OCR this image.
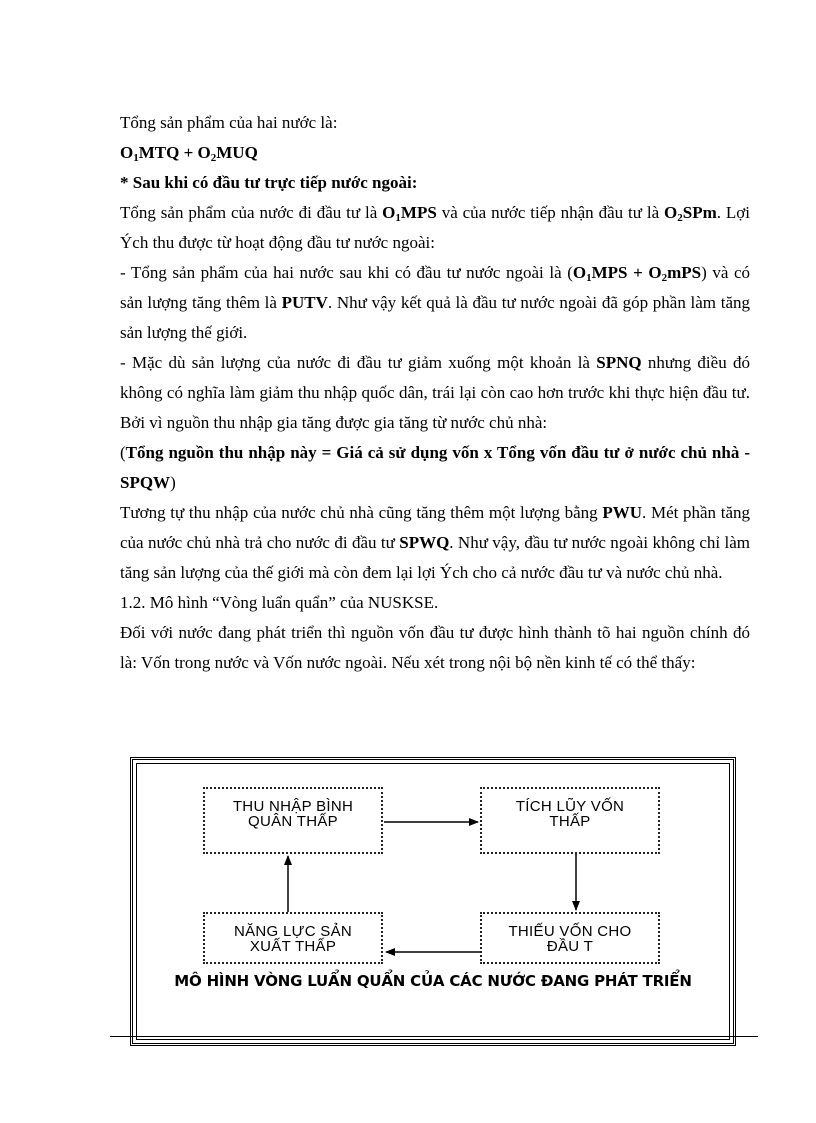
Tổng sản phẩm của hai nước là:

$O_1MTQ + O_2MUQ$

* Sau khi có đầu tư trực tiếp nước ngoài:

Tổng sản phẩm của nước đi đầu tư là $O_1MPS$ và của nước tiếp nhận đầu tư là $O_2SPm$. Lợi Ých thu được từ hoạt động đầu tư nước ngoài:

- Tổng sản phẩm của hai nước sau khi có đầu tư nước ngoài là $(O_1MPS + O_2mPS)$ và có sản lượng tăng thêm là PUTV. Như vậy kết quả là đầu tư nước ngoài đã góp phần làm tăng sản lượng thế giới.

- Mặc dù sản lượng của nước đi đầu tư giảm xuống một khoản là SPNQ nhưng điều đó không có nghĩa làm giảm thu nhập quốc dân, trái lại còn cao hơn trước khi thực hiện đầu tư. Bởi vì nguồn thu nhập gia tăng được gia tăng từ nước chủ nhà:

(Tổng nguồn thu nhập này = Giá cả sử dụng vốn x Tổng vốn đầu tư ở nước chủ nhà - SPQW)

Tương tự thu nhập của nước chủ nhà cũng tăng thêm một lượng bằng PWU. Mét phần tăng của nước chủ nhà trả cho nước đi đầu tư SPWQ. Như vậy, đầu tư nước ngoài không chỉ làm tăng sản lượng của thế giới mà còn đem lại lợi Ých cho cả nước đầu tư và nước chủ nhà.

1.2. Mô hình “Vòng luẩn quẩn” của NUSKSE.

Đối với nước đang phát triển thì nguồn vốn đầu tư được hình thành tõ hai nguồn chính đó là: Vốn trong nước và Vốn nước ngoài. Nếu xét trong nội bộ nền kinh tế có thể thấy:

THU NHẬP BÌNH
QUÂN THẤP
TÍCH LŨY VỐN
THẤP
THIẾU VỐN CHO
ĐẦU T
NĂNG LỰC SẢN
XUẤT THẤP
MÔ HÌNH VÒNG LUẨN QUẨN CỦA CÁC NƯỚC ĐANG PHÁT TRIỂN
